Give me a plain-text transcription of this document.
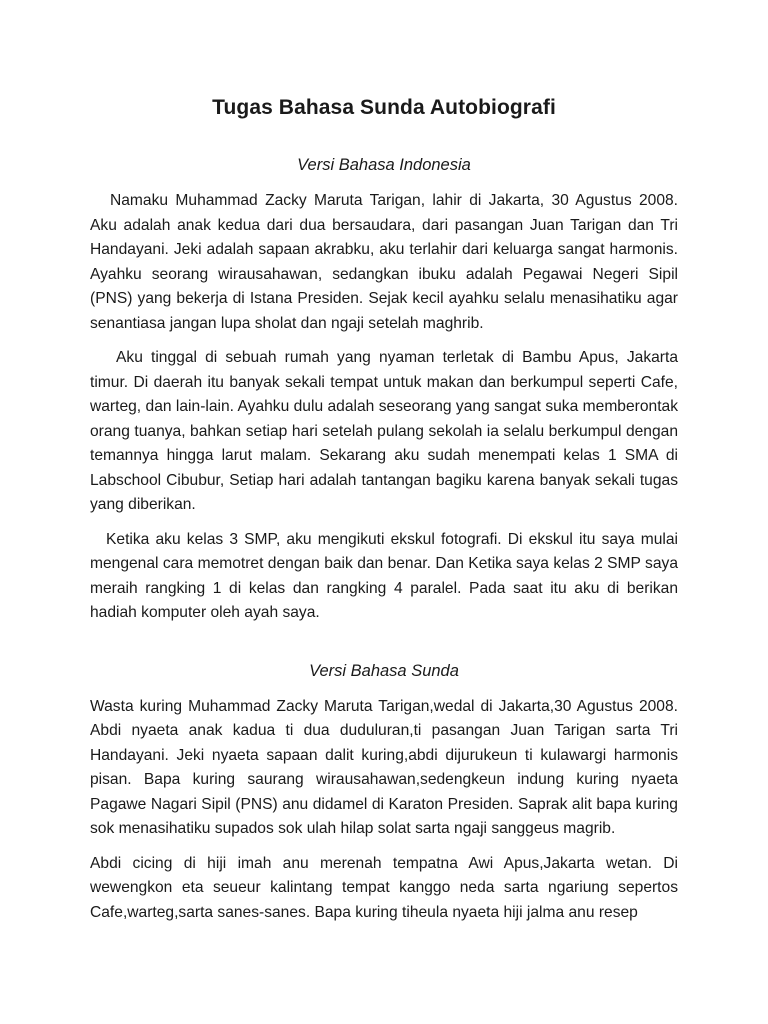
Tugas Bahasa Sunda Autobiografi
Versi Bahasa Indonesia

Namaku Muhammad Zacky Maruta Tarigan, lahir di Jakarta, 30 Agustus 2008. Aku adalah anak kedua dari dua bersaudara, dari pasangan Juan Tarigan dan Tri Handayani. Jeki adalah sapaan akrabku, aku terlahir dari keluarga sangat harmonis. Ayahku seorang wirausahawan, sedangkan ibuku adalah Pegawai Negeri Sipil (PNS) yang bekerja di Istana Presiden. Sejak kecil ayahku selalu menasihatiku agar senantiasa jangan lupa sholat dan ngaji setelah maghrib.

Aku tinggal di sebuah rumah yang nyaman terletak di Bambu Apus, Jakarta timur. Di daerah itu banyak sekali tempat untuk makan dan berkumpul seperti Cafe, warteg, dan lain-lain. Ayahku dulu adalah seseorang yang sangat suka memberontak orang tuanya, bahkan setiap hari setelah pulang sekolah ia selalu berkumpul dengan temannya hingga larut malam. Sekarang aku sudah menempati kelas 1 SMA di Labschool Cibubur, Setiap hari adalah tantangan bagiku karena banyak sekali tugas yang diberikan.

Ketika aku kelas 3 SMP, aku mengikuti ekskul fotografi. Di ekskul itu saya mulai mengenal cara memotret dengan baik dan benar. Dan Ketika saya kelas 2 SMP saya meraih rangking 1 di kelas dan rangking 4 paralel. Pada saat itu aku di berikan hadiah komputer oleh ayah saya.

Versi Bahasa Sunda

Wasta kuring Muhammad Zacky Maruta Tarigan,wedal di Jakarta,30 Agustus 2008. Abdi nyaeta anak kadua ti dua duduluran,ti pasangan Juan Tarigan sarta Tri Handayani. Jeki nyaeta sapaan dalit kuring,abdi dijurukeun ti kulawargi harmonis pisan. Bapa kuring saurang wirausahawan,sedengkeun indung kuring nyaeta Pagawe Nagari Sipil (PNS) anu didamel di Karaton Presiden. Saprak alit bapa kuring sok menasihatiku supados sok ulah hilap solat sarta ngaji sanggeus magrib.

Abdi cicing di hiji imah anu merenah tempatna Awi Apus,Jakarta wetan. Di wewengkon eta seueur kalintang tempat kanggo neda sarta ngariung sepertos Cafe,warteg,sarta sanes-sanes. Bapa kuring tiheula nyaeta hiji jalma anu resep
